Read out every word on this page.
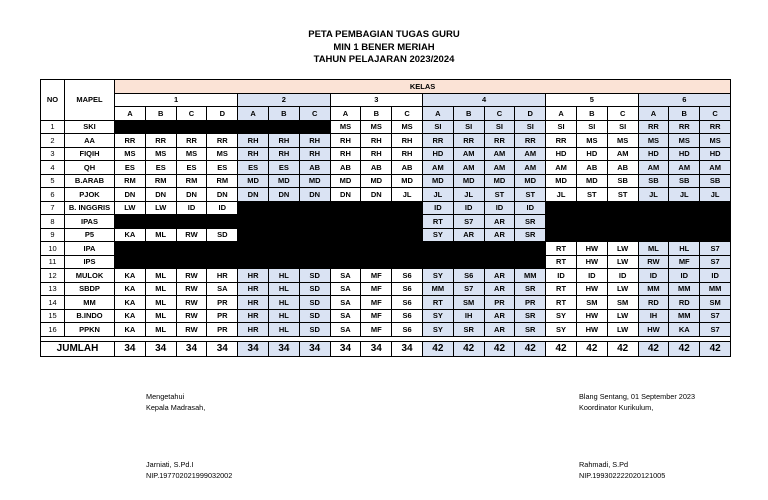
PETA PEMBAGIAN TUGAS GURU
MIN 1 BENER MERIAH
TAHUN PELAJARAN 2023/2024
NO	MAPEL	KELAS																			
		1				2			3			4				5			6		
		A	B	C	D	A	B	C	A	B	C	A	B	C	D	A	B	C	A	B	C
1	SKI								MS	MS	MS	SI	SI	SI	SI	SI	SI	SI	RR	RR	RR
2	AA	RR	RR	RR	RR	RH	RH	RH	RH	RH	RH	RR	RR	RR	RR	RR	MS	MS	MS	MS	MS
3	FIQIH	MS	MS	MS	MS	RH	RH	RH	RH	RH	RH	HD	AM	AM	AM	HD	HD	AM	HD	HD	HD
4	QH	ES	ES	ES	ES	ES	ES	AB	AB	AB	AB	AM	AM	AM	AM	AM	AB	AB	AM	AM	AM
5	B.ARAB	RM	RM	RM	RM	MD	MD	MD	MD	MD	MD	MD	MD	MD	MD	MD	MD	SB	SB	SB	SB
6	PJOK	DN	DN	DN	DN	DN	DN	DN	DN	DN	JL	JL	JL	ST	ST	JL	ST	ST	JL	JL	JL
7	B. INGGRIS	LW	LW	ID	ID							ID	ID	ID	ID						
8	IPAS											RT	S7	AR	SR						
9	P5	KA	ML	RW	SD							SY	AR	AR	SR						
10	IPA															RT	HW	LW	ML	HL	S7
11	IPS															RT	HW	LW	RW	MF	S7
12	MULOK	KA	ML	RW	HR	HR	HL	SD	SA	MF	S6	SY	S6	AR	MM	ID	ID	ID	ID	ID	ID
13	SBDP	KA	ML	RW	SA	HR	HL	SD	SA	MF	S6	MM	S7	AR	SR	RT	HW	LW	MM	MM	MM
14	MM	KA	ML	RW	PR	HR	HL	SD	SA	MF	S6	RT	SM	PR	PR	RT	SM	SM	RD	RD	SM
15	B.INDO	KA	ML	RW	PR	HR	HL	SD	SA	MF	S6	SY	IH	AR	SR	SY	HW	LW	IH	MM	S7
16	PPKN	KA	ML	RW	PR	HR	HL	SD	SA	MF	S6	SY	SR	AR	SR	SY	HW	LW	HW	KA	S7

JUMLAH		34	34	34	34	34	34	34	34	34	34	42	42	42	42	42	42	42	42	42	42
Mengetahui
Kepala Madrasah,
Blang Sentang, 01 September 2023
Koordinator Kurikulum,
Jarniati, S.Pd.I
NIP.197702021999032002
Rahmadi, S.Pd
NIP.199302222020121005
